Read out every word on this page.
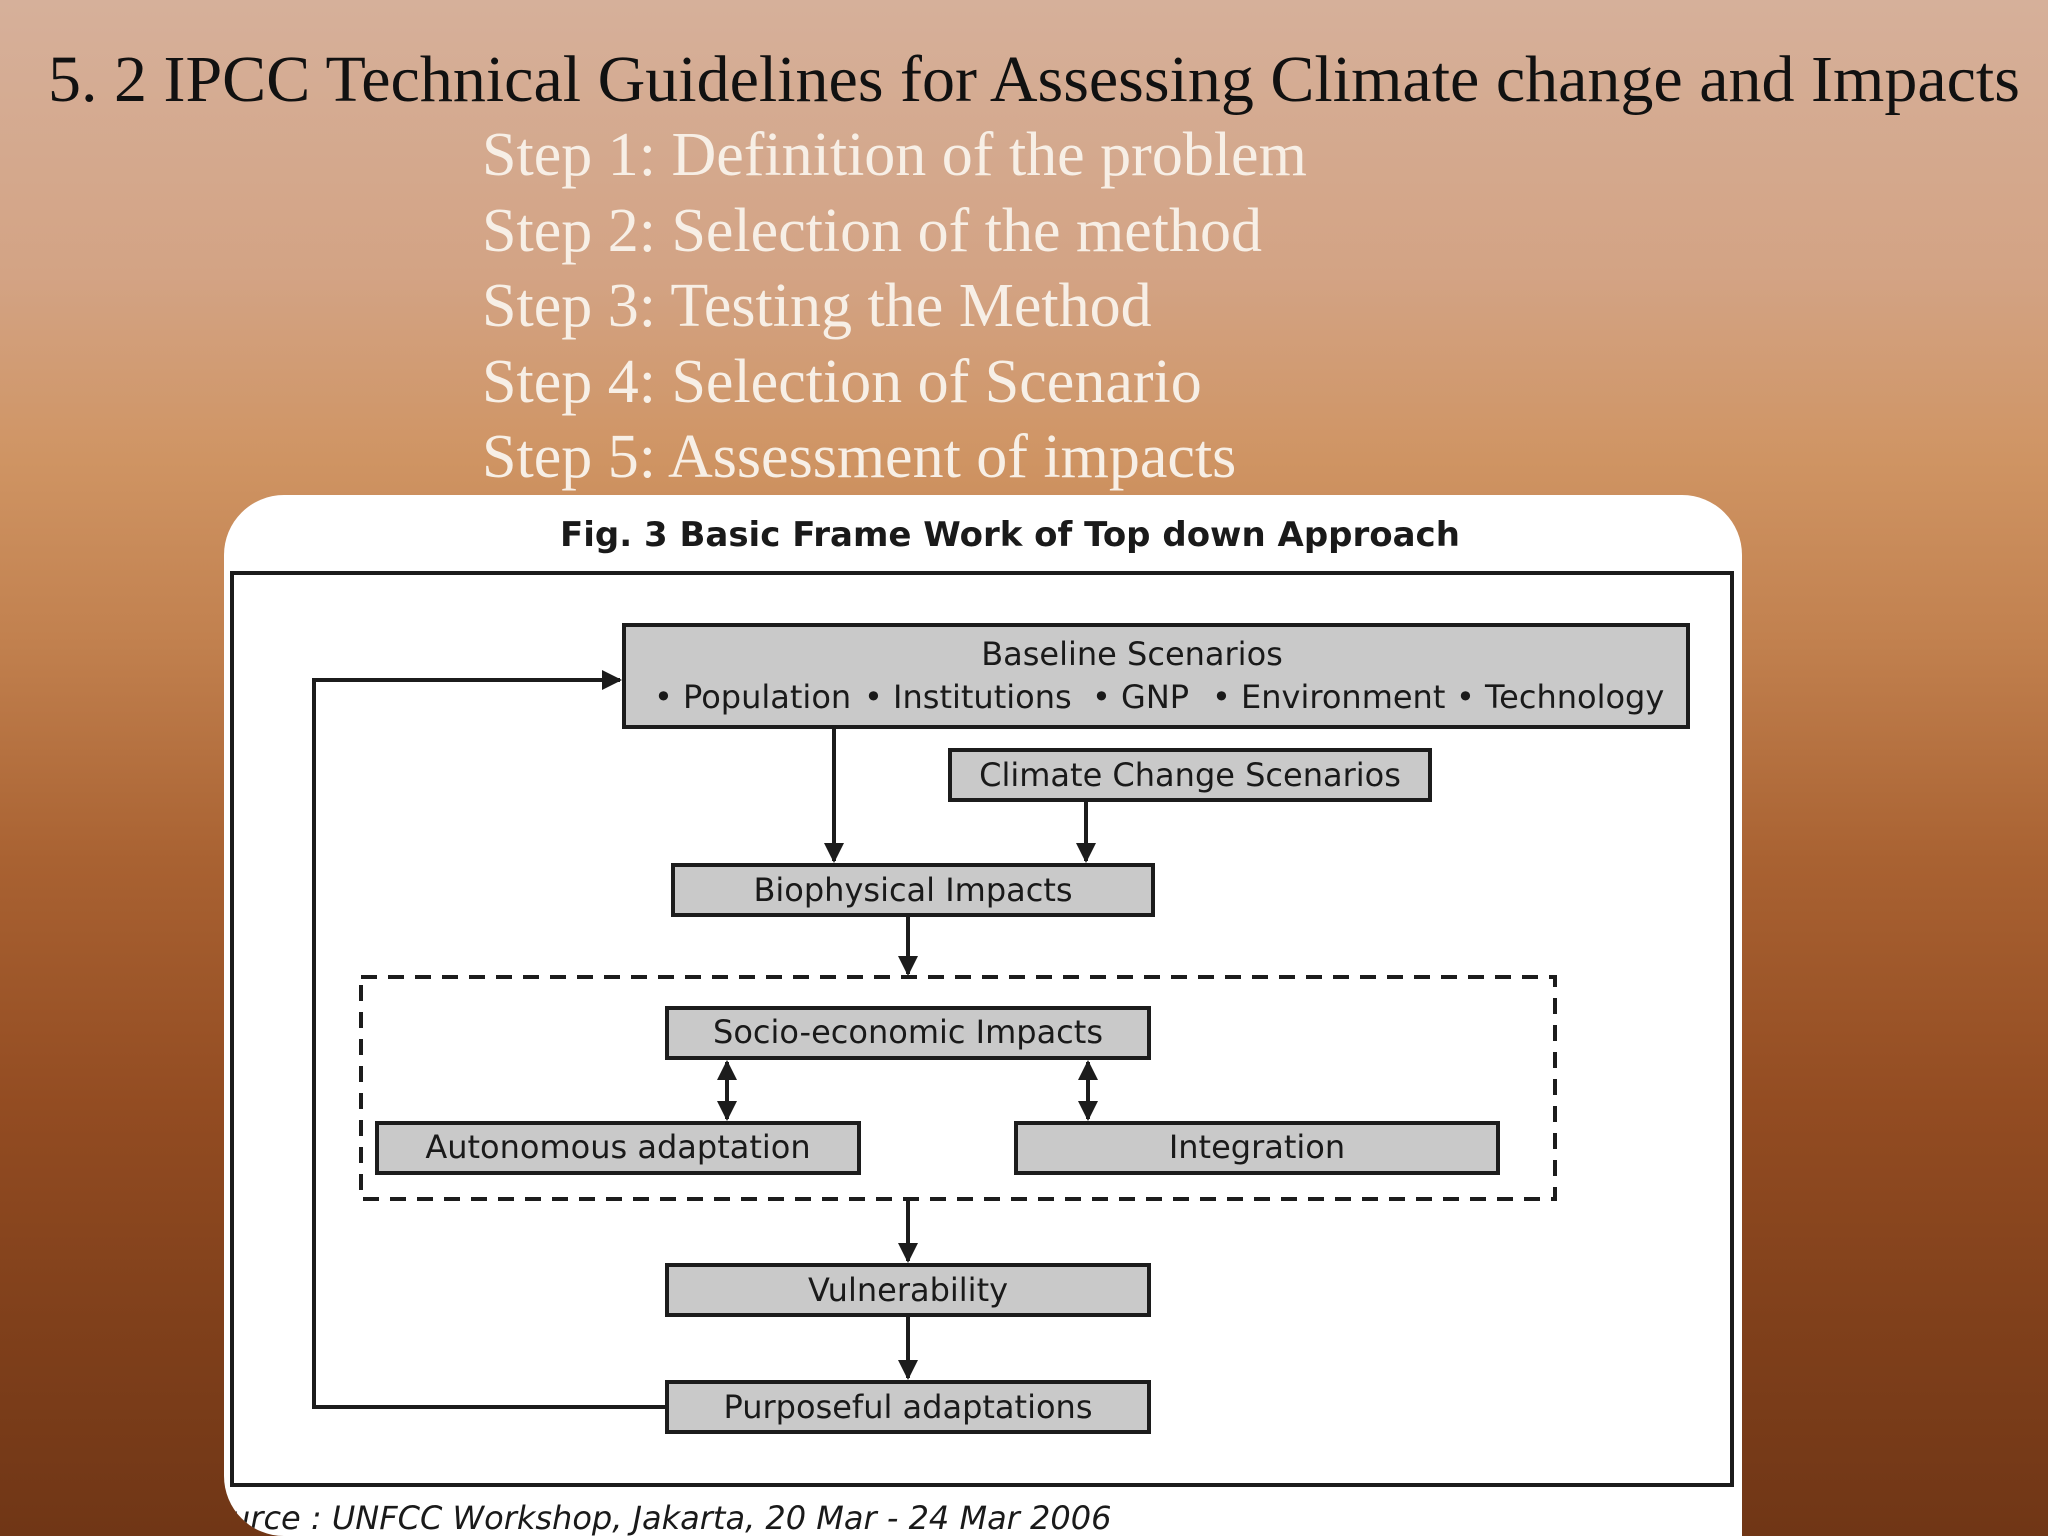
5. 2 IPCC Technical Guidelines for Assessing Climate change and Impacts
Step 1: Definition of the problem
Step 2: Selection of the method
Step 3: Testing the Method
Step 4: Selection of Scenario
Step 5: Assessment of impacts
Fig. 3 Basic Frame Work of Top down Approach
Baseline Scenarios
• Population • Institutions • GNP • Environment • Technology
Climate Change Scenarios
Biophysical Impacts
Socio-economic Impacts
Autonomous adaptation	Integration
Vulnerability
Purposeful adaptations
urce : UNFCC Workshop, Jakarta, 20 Mar - 24 Mar 2006
